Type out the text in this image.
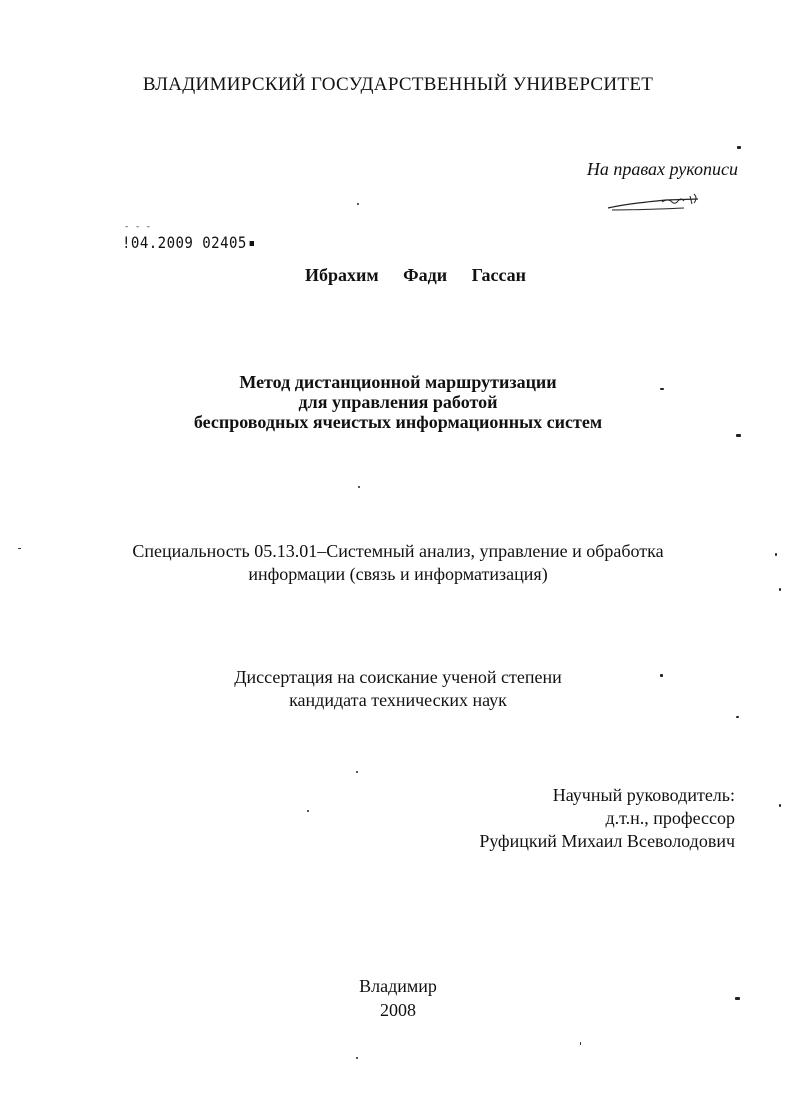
ВЛАДИМИРСКИЙ ГОСУДАРСТВЕННЫЙ УНИВЕРСИТЕТ
На правах рукописи
- - -
!04.2009 02405
Ибрахим Фади Гассан
Метод дистанционной маршрутизации
для управления работой
беспроводных ячеистых информационных систем
Специальность 05.13.01–Системный анализ, управление и обработка
информации (связь и информатизация)
Диссертация на соискание ученой степени
кандидата технических наук
Научный руководитель:
д.т.н., профессор
Руфицкий Михаил Всеволодович
Владимир
2008
